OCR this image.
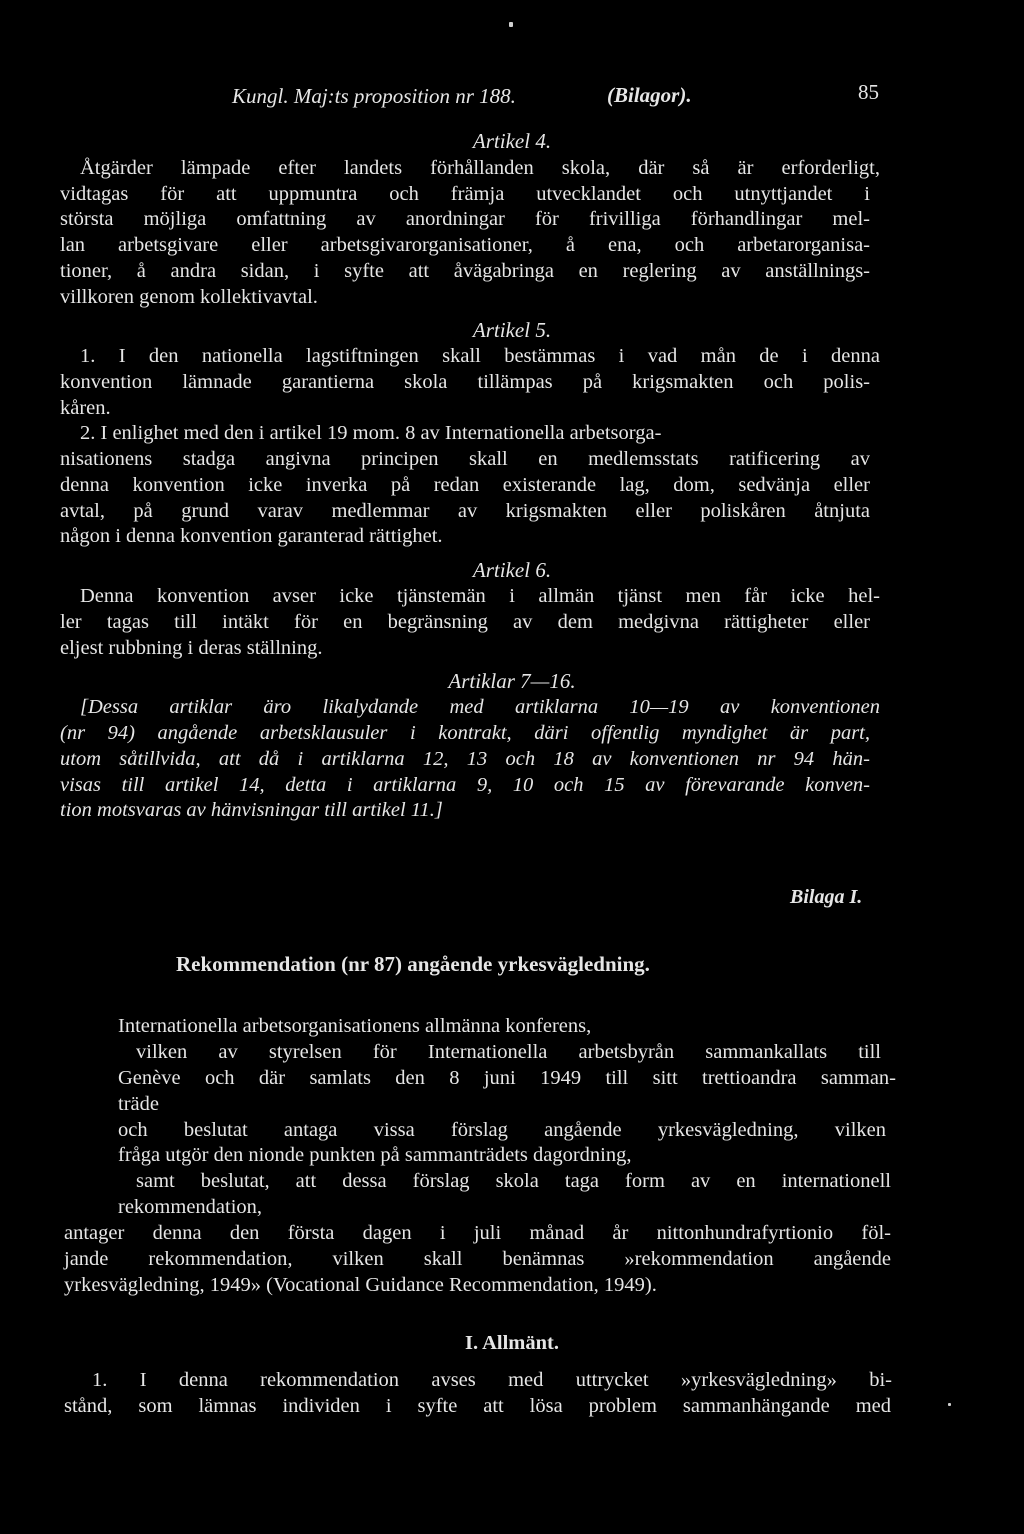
Kungl. Maj:ts proposition nr 188.	(Bilagor).	85
Artikel 4.
Åtgärder lämpade efter landets förhållanden skola, där så är erforderligt,
vidtagas för att uppmuntra och främja utvecklandet och utnyttjandet i
största möjliga omfattning av anordningar för frivilliga förhandlingar mel-
lan arbetsgivare eller arbetsgivarorganisationer, å ena, och arbetarorganisa-
tioner, å andra sidan, i syfte att åvägabringa en reglering av anställnings-
villkoren genom kollektivavtal.
Artikel 5.
1. I den nationella lagstiftningen skall bestämmas i vad mån de i denna
konvention lämnade garantierna skola tillämpas på krigsmakten och polis-
kåren.
2. I enlighet med den i artikel 19 mom. 8 av Internationella arbetsorga-
nisationens stadga angivna principen skall en medlemsstats ratificering av
denna konvention icke inverka på redan existerande lag, dom, sedvänja eller
avtal, på grund varav medlemmar av krigsmakten eller poliskåren åtnjuta
någon i denna konvention garanterad rättighet.
Artikel 6.
Denna konvention avser icke tjänstemän i allmän tjänst men får icke hel-
ler tagas till intäkt för en begränsning av dem medgivna rättigheter eller
eljest rubbning i deras ställning.
Artiklar 7—16.
[Dessa artiklar äro likalydande med artiklarna 10—19 av konventionen
(nr 94) angående arbetsklausuler i kontrakt, däri offentlig myndighet är part,
utom såtillvida, att då i artiklarna 12, 13 och 18 av konventionen nr 94 hän-
visas till artikel 14, detta i artiklarna 9, 10 och 15 av förevarande konven-
tion motsvaras av hänvisningar till artikel 11.]
Bilaga I.
Rekommendation (nr 87) angående yrkesvägledning.
Internationella arbetsorganisationens allmänna konferens,
vilken av styrelsen för Internationella arbetsbyrån sammankallats till
Genève och där samlats den 8 juni 1949 till sitt trettioandra samman-
träde
och beslutat antaga vissa förslag angående yrkesvägledning, vilken
fråga utgör den nionde punkten på sammanträdets dagordning,
samt beslutat, att dessa förslag skola taga form av en internationell
rekommendation,
antager denna den första dagen i juli månad år nittonhundrafyrtionio föl-
jande rekommendation, vilken skall benämnas »rekommendation angående
yrkesvägledning, 1949» (Vocational Guidance Recommendation, 1949).
I. Allmänt.
1. I denna rekommendation avses med uttrycket »yrkesvägledning» bi-
stånd, som lämnas individen i syfte att lösa problem sammanhängande med
